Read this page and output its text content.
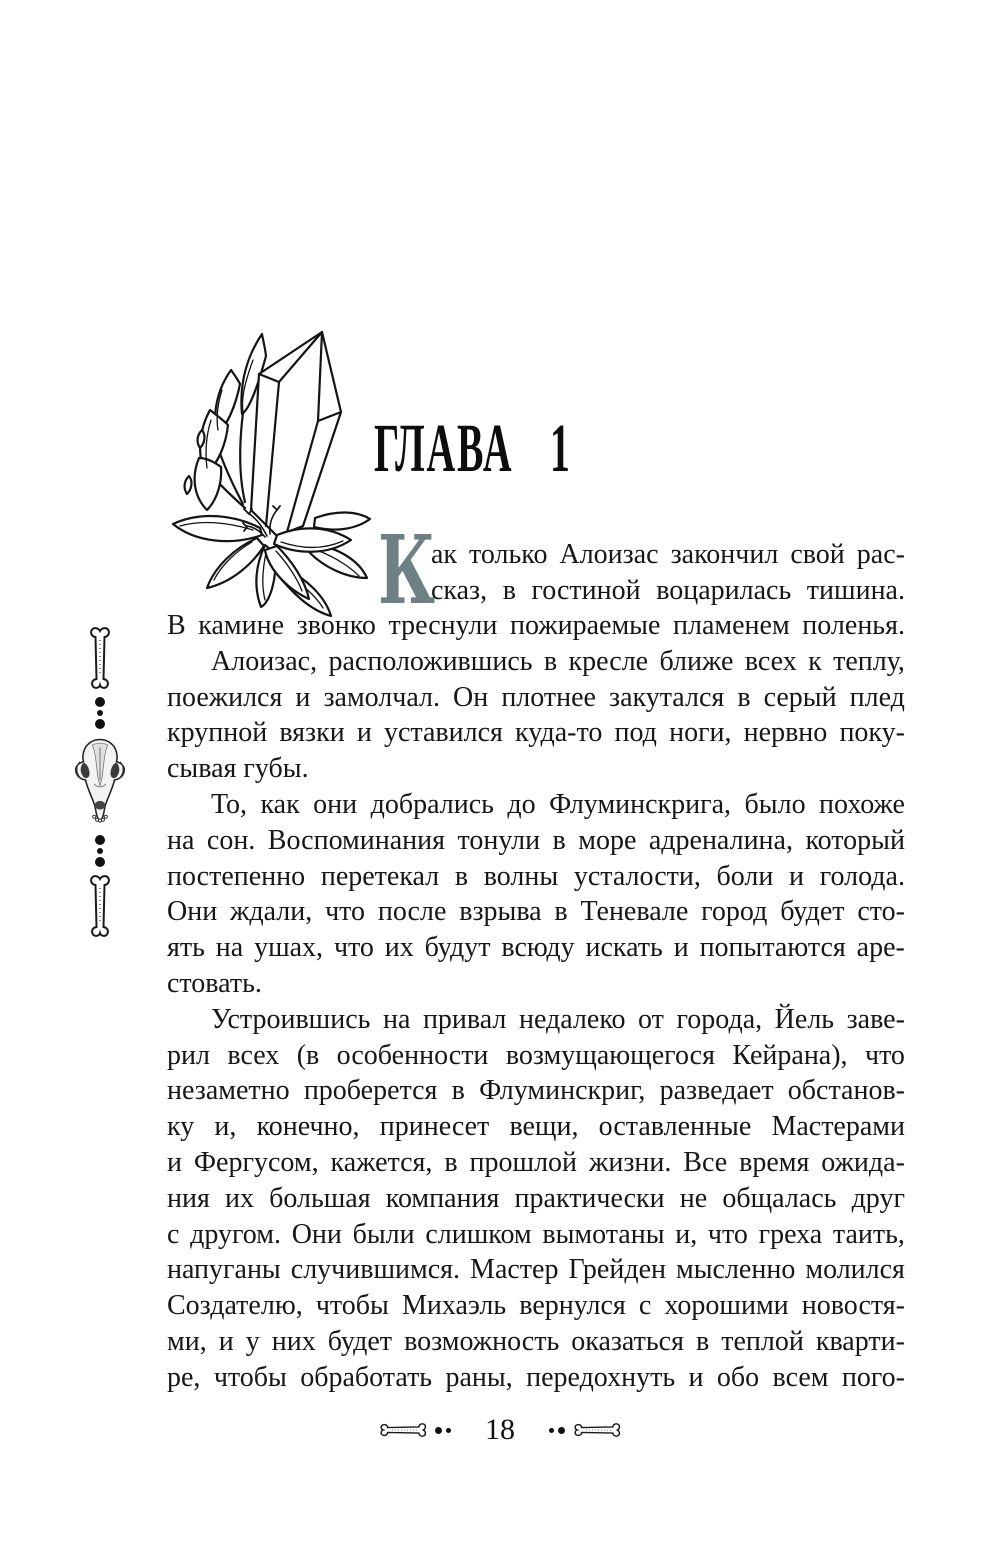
ГЛАВА 1
К
ак только Алоизас закончил свой рас-
сказ, в гостиной воцарилась тишина.
В камине звонко треснули пожираемые пламенем поленья.
Алоизас, расположившись в кресле ближе всех к теплу,
поежился и замолчал. Он плотнее закутался в серый плед
крупной вязки и уставился куда-то под ноги, нервно поку-
сывая губы.
То, как они добрались до Флуминскрига, было похоже
на сон. Воспоминания тонули в море адреналина, который
постепенно перетекал в волны усталости, боли и голода.
Они ждали, что после взрыва в Теневале город будет сто-
ять на ушах, что их будут всюду искать и попытаются аре-
стовать.
Устроившись на привал недалеко от города, Йель заве-
рил всех (в особенности возмущающегося Кейрана), что
незаметно проберется в Флуминскриг, разведает обстанов-
ку и, конечно, принесет вещи, оставленные Мастерами
и Фергусом, кажется, в прошлой жизни. Все время ожида-
ния их большая компания практически не общалась друг
с другом. Они были слишком вымотаны и, что греха таить,
напуганы случившимся. Мастер Грейден мысленно молился
Создателю, чтобы Михаэль вернулся с хорошими новостя-
ми, и у них будет возможность оказаться в теплой кварти-
ре, чтобы обработать раны, передохнуть и обо всем пого-
18
